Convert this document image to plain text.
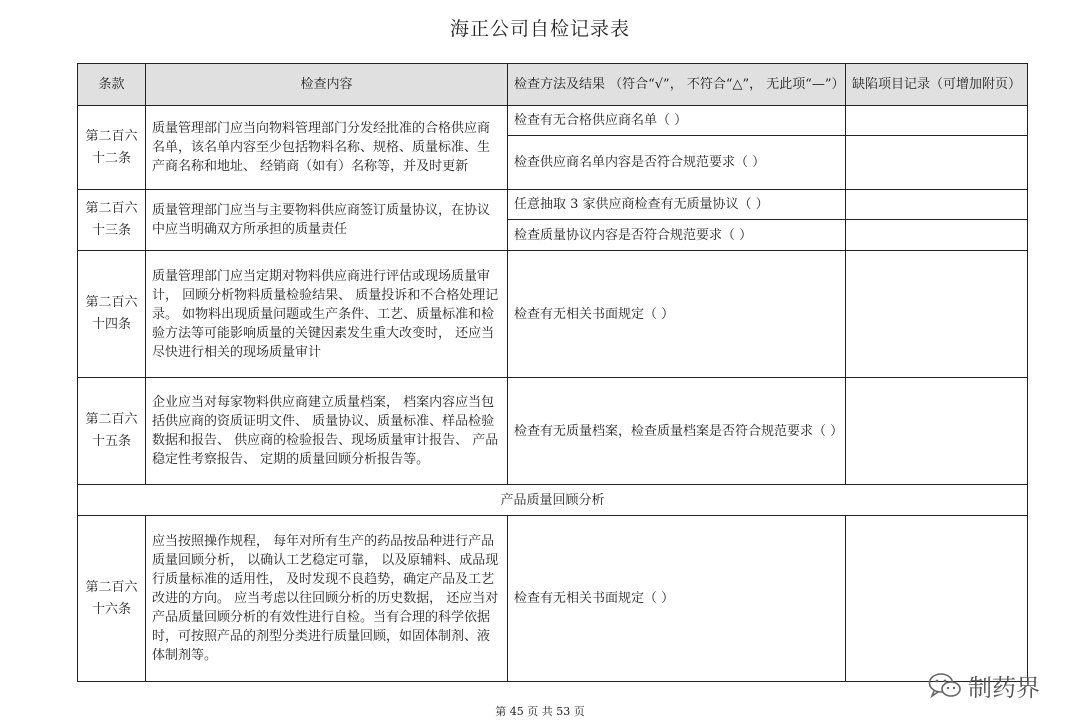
海正公司自检记录表
条款	检查内容	检查方法及结果 （符合“√”， 不符合“△”， 无此项“—”）	缺陷项目记录（可增加附页）
第二百六十二条	质量管理部门应当向物料管理部门分发经批准的合格供应商名单，该名单内容至少包括物料名称、规格、质量标准、生产商名称和地址、 经销商（如有）名称等，并及时更新	检查有无合格供应商名单（ ）	
		检查供应商名单内容是否符合规范要求（ ）	
第二百六十三条	质量管理部门应当与主要物料供应商签订质量协议，在协议中应当明确双方所承担的质量责任	任意抽取 3 家供应商检查有无质量协议（ ）	
		检查质量协议内容是否符合规范要求（ ）	
第二百六十四条	质量管理部门应当定期对物料供应商进行评估或现场质量审计， 回顾分析物料质量检验结果、 质量投诉和不合格处理记录。 如物料出现质量问题或生产条件、工艺、质量标准和检验方法等可能影响质量的关键因素发生重大改变时， 还应当尽快进行相关的现场质量审计	检查有无相关书面规定（ ）	
第二百六十五条	企业应当对每家物料供应商建立质量档案， 档案内容应当包括供应商的资质证明文件、 质量协议、质量标准、样品检验数据和报告、 供应商的检验报告、现场质量审计报告、 产品稳定性考察报告、 定期的质量回顾分析报告等。	检查有无质量档案，检查质量档案是否符合规范要求（ ）	
产品质量回顾分析			
第二百六十六条	应当按照操作规程， 每年对所有生产的药品按品种进行产品质量回顾分析， 以确认工艺稳定可靠， 以及原辅料、成品现行质量标准的适用性， 及时发现不良趋势，确定产品及工艺改进的方向。 应当考虑以往回顾分析的历史数据， 还应当对产品质量回顾分析的有效性进行自检。当有合理的科学依据时，可按照产品的剂型分类进行质量回顾，如固体制剂、液体制剂等。	检查有无相关书面规定（ ）	
第 45 页 共 53 页
制药界
